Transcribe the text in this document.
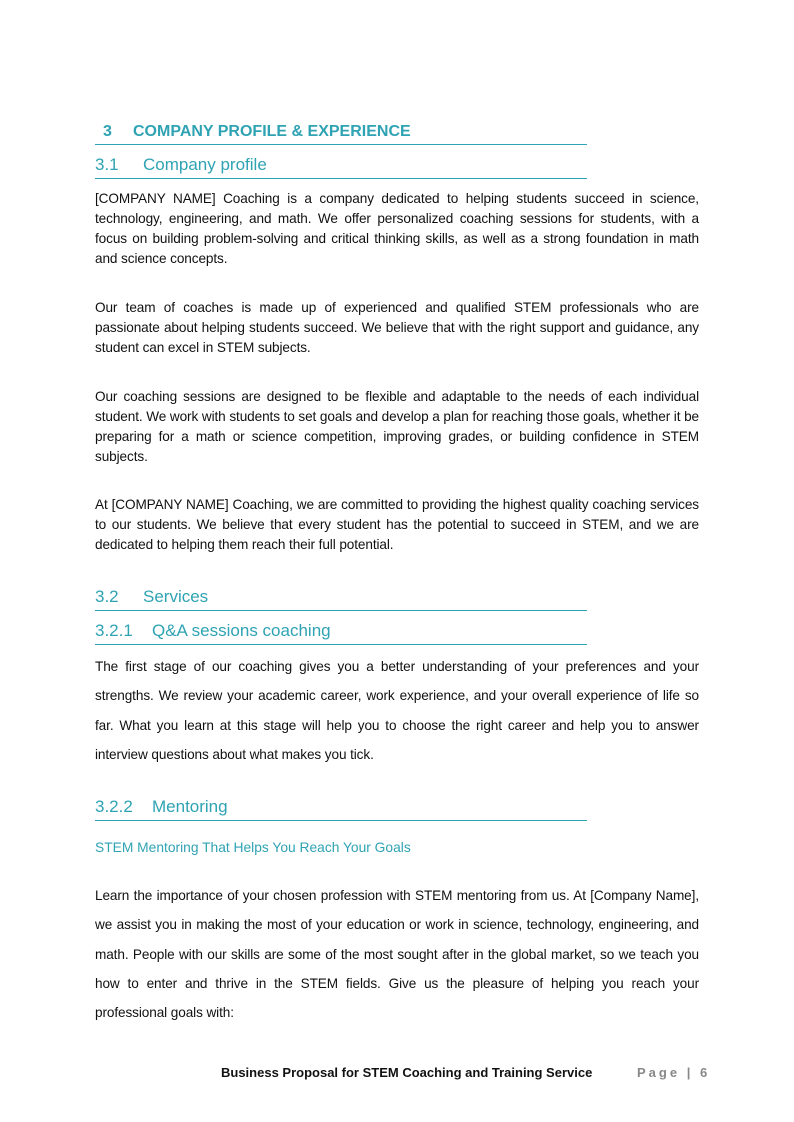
3 COMPANY PROFILE & EXPERIENCE
3.1 Company profile
[COMPANY NAME] Coaching is a company dedicated to helping students succeed in science, technology, engineering, and math. We offer personalized coaching sessions for students, with a focus on building problem-solving and critical thinking skills, as well as a strong foundation in math and science concepts.
Our team of coaches is made up of experienced and qualified STEM professionals who are passionate about helping students succeed. We believe that with the right support and guidance, any student can excel in STEM subjects.
Our coaching sessions are designed to be flexible and adaptable to the needs of each individual student. We work with students to set goals and develop a plan for reaching those goals, whether it be preparing for a math or science competition, improving grades, or building confidence in STEM subjects.
At [COMPANY NAME] Coaching, we are committed to providing the highest quality coaching services to our students. We believe that every student has the potential to succeed in STEM, and we are dedicated to helping them reach their full potential.
3.2 Services
3.2.1 Q&A sessions coaching
The first stage of our coaching gives you a better understanding of your preferences and your strengths. We review your academic career, work experience, and your overall experience of life so far. What you learn at this stage will help you to choose the right career and help you to answer interview questions about what makes you tick.
3.2.2 Mentoring
STEM Mentoring That Helps You Reach Your Goals
Learn the importance of your chosen profession with STEM mentoring from us. At [Company Name], we assist you in making the most of your education or work in science, technology, engineering, and math. People with our skills are some of the most sought after in the global market, so we teach you how to enter and thrive in the STEM fields. Give us the pleasure of helping you reach your professional goals with:
Business Proposal for STEM Coaching and Training Service	Page | 6
